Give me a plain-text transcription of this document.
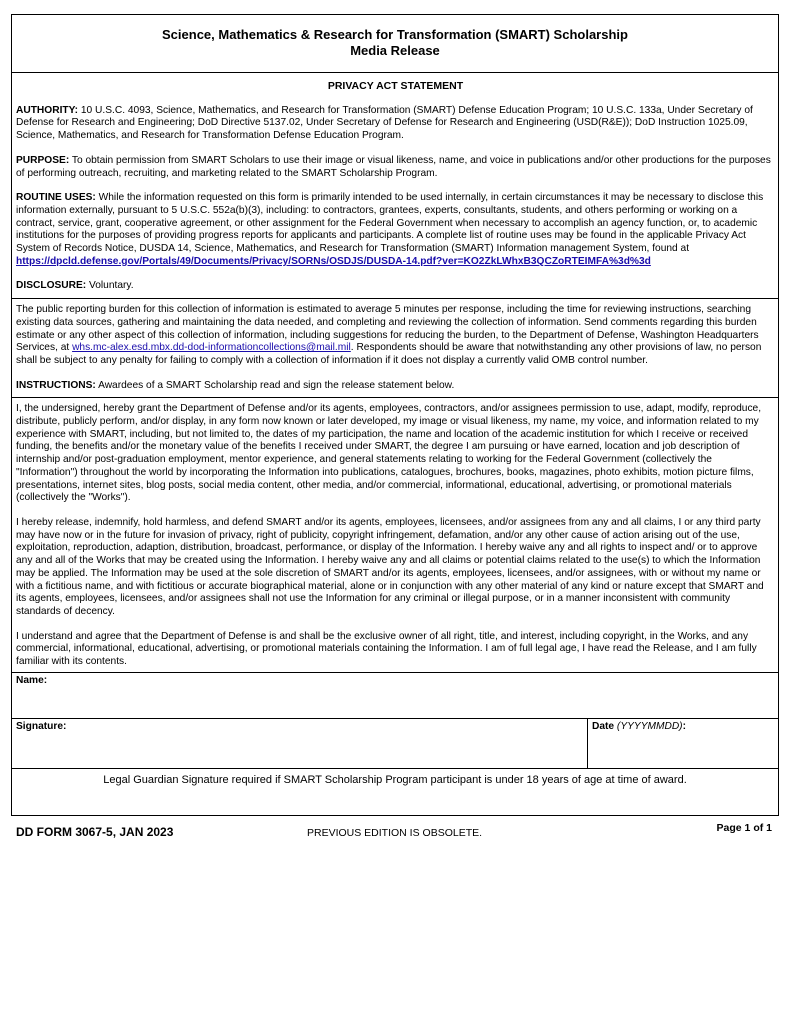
Science, Mathematics & Research for Transformation (SMART) Scholarship
Media Release
PRIVACY ACT STATEMENT

AUTHORITY: 10 U.S.C. 4093, Science, Mathematics, and Research for Transformation (SMART) Defense Education Program; 10 U.S.C. 133a, Under Secretary of Defense for Research and Engineering; DoD Directive 5137.02, Under Secretary of Defense for Research and Engineering (USD(R&E)); DoD Instruction 1025.09, Science, Mathematics, and Research for Transformation Defense Education Program.

PURPOSE: To obtain permission from SMART Scholars to use their image or visual likeness, name, and voice in publications and/or other productions for the purposes of performing outreach, recruiting, and marketing related to the SMART Scholarship Program.

ROUTINE USES: While the information requested on this form is primarily intended to be used internally, in certain circumstances it may be necessary to disclose this information externally, pursuant to 5 U.S.C. 552a(b)(3), including: to contractors, grantees, experts, consultants, students, and others performing or working on a contract, service, grant, cooperative agreement, or other assignment for the Federal Government when necessary to accomplish an agency function, or, to academic institutions for the purposes of providing progress reports for applicants and participants. A complete list of routine uses may be found in the applicable Privacy Act System of Records Notice, DUSDA 14, Science, Mathematics, and Research for Transformation (SMART) Information management System, found at https://dpcld.defense.gov/Portals/49/Documents/Privacy/SORNs/OSDJS/DUSDA-14.pdf?ver=KO2ZkLWhxB3QCZoRTEIMFA%3d%3d

DISCLOSURE: Voluntary.

The public reporting burden for this collection of information is estimated to average 5 minutes per response, including the time for reviewing instructions, searching existing data sources, gathering and maintaining the data needed, and completing and reviewing the collection of information. Send comments regarding this burden estimate or any other aspect of this collection of information, including suggestions for reducing the burden, to the Department of Defense, Washington Headquarters Services, at whs.mc-alex.esd.mbx.dd-dod-informationcollections@mail.mil. Respondents should be aware that notwithstanding any other provisions of law, no person shall be subject to any penalty for failing to comply with a collection of information if it does not display a currently valid OMB control number.

INSTRUCTIONS: Awardees of a SMART Scholarship read and sign the release statement below.

I, the undersigned, hereby grant the Department of Defense and/or its agents, employees, contractors, and/or assignees permission to use, adapt, modify, reproduce, distribute, publicly perform, and/or display, in any form now known or later developed, my image or visual likeness, my name, my voice, and information related to my experience with SMART, including, but not limited to, the dates of my participation, the name and location of the academic institution for which I receive or received funding, the benefits and/or the monetary value of the benefits I received under SMART, the degree I am pursuing or have earned, location and job description of internship and/or post-graduation employment, mentor experience, and general statements relating to working for the Federal Government (collectively the "Information") throughout the world by incorporating the Information into publications, catalogues, brochures, books, magazines, photo exhibits, motion picture films, presentations, internet sites, blog posts, social media content, other media, and/or commercial, informational, educational, advertising, or promotional materials (collectively the "Works").

I hereby release, indemnify, hold harmless, and defend SMART and/or its agents, employees, licensees, and/or assignees from any and all claims, I or any third party may have now or in the future for invasion of privacy, right of publicity, copyright infringement, defamation, and/or any other cause of action arising out of the use, exploitation, reproduction, adaption, distribution, broadcast, performance, or display of the Information. I hereby waive any and all rights to inspect and/ or to approve any and all of the Works that may be created using the Information. I hereby waive any and all claims or potential claims related to the use(s) to which the Information may be applied. The Information may be used at the sole discretion of SMART and/or its agents, employees, licensees, and/or assignees, with or without my name or with a fictitious name, and with fictitious or accurate biographical material, alone or in conjunction with any other material of any kind or nature except that SMART and its agents, employees, licensees, and/or assignees shall not use the Information for any criminal or illegal purpose, or in a manner inconsistent with community standards of decency.

I understand and agree that the Department of Defense is and shall be the exclusive owner of all right, title, and interest, including copyright, in the Works, and any commercial, informational, educational, advertising, or promotional materials containing the Information. I am of full legal age, I have read the Release, and I am fully familiar with its contents.

Name:
Signature:	Date (YYYYMMDD):
Legal Guardian Signature required if SMART Scholarship Program participant is under 18 years of age at time of award.
DD FORM 3067-5, JAN 2023	PREVIOUS EDITION IS OBSOLETE.	Page 1 of 1
